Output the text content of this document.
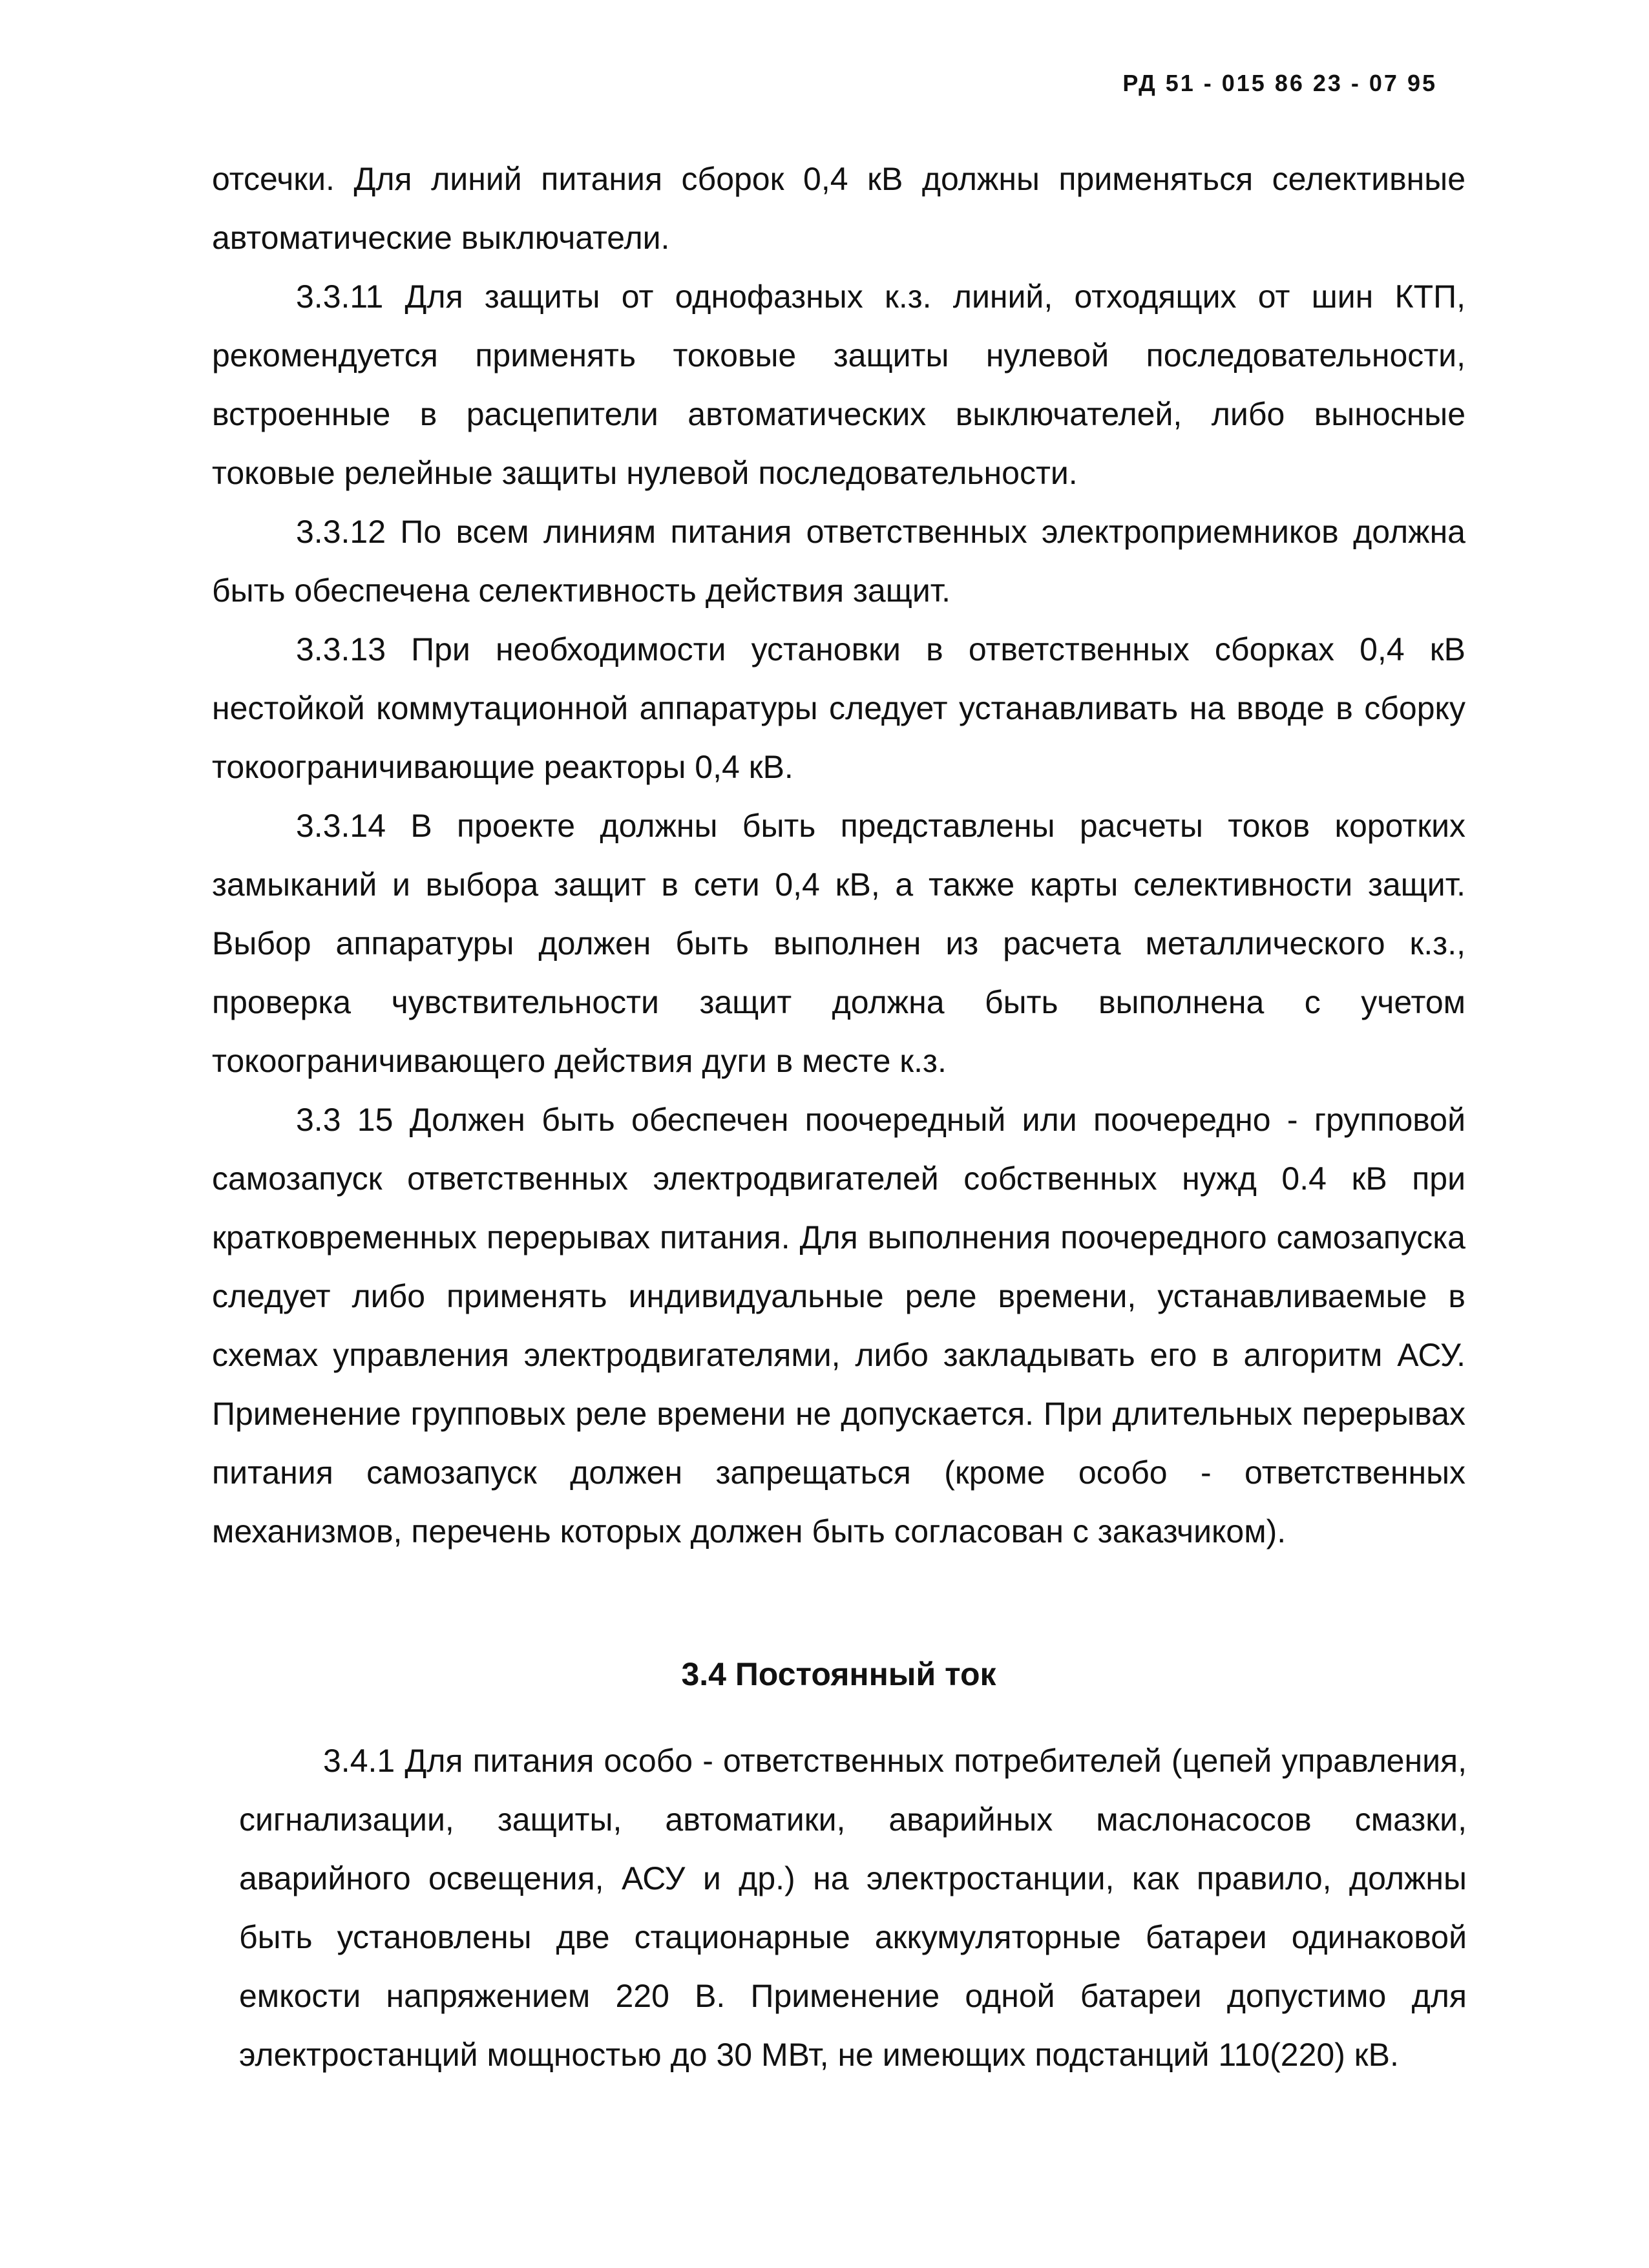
РД 51 - 015 86 23 - 07 95

отсечки. Для линий питания сборок 0,4 кВ должны применяться селективные автоматические выключатели.

3.3.11 Для защиты от однофазных к.з. линий, отходящих от шин КТП, рекомендуется применять токовые защиты нулевой последовательности, встроенные в расцепители автоматических выключателей, либо выносные токовые релейные защиты нулевой последовательности.

3.3.12 По всем линиям питания ответственных электроприемников должна быть обеспечена селективность действия защит.

3.3.13 При необходимости установки в ответственных сборках 0,4 кВ нестойкой коммутационной аппаратуры следует устанавливать на вводе в сборку токоограничивающие реакторы 0,4 кВ.

3.3.14 В проекте должны быть представлены расчеты токов коротких замыканий и выбора защит в сети 0,4 кВ, а также карты селективности защит. Выбор аппаратуры должен быть выполнен из расчета металлического к.з., проверка чувствительности защит должна быть выполнена с учетом токоограничивающего действия дуги в месте к.з.

3.3 15 Должен быть обеспечен поочередный или поочередно - групповой самозапуск ответственных электродвигателей собственных нужд 0.4 кВ при кратковременных перерывах питания. Для выполнения поочередного самозапуска следует либо применять индивидуальные реле времени, устанавливаемые в схемах управления электродвигателями, либо закладывать его в алгоритм АСУ. Применение групповых реле времени не допускается. При длительных перерывах питания самозапуск должен запрещаться (кроме особо - ответственных механизмов, перечень которых должен быть согласован с заказчиком).

3.4 Постоянный ток

3.4.1 Для питания особо - ответственных потребителей (цепей управления, сигнализации, защиты, автоматики, аварийных маслонасосов смазки, аварийного освещения, АСУ и др.) на электростанции, как правило, должны быть установлены две стационарные аккумуляторные батареи одинаковой емкости напряжением 220 В. Применение одной батареи допустимо для электростанций мощностью до 30 МВт, не имеющих подстанций 110(220) кВ.
